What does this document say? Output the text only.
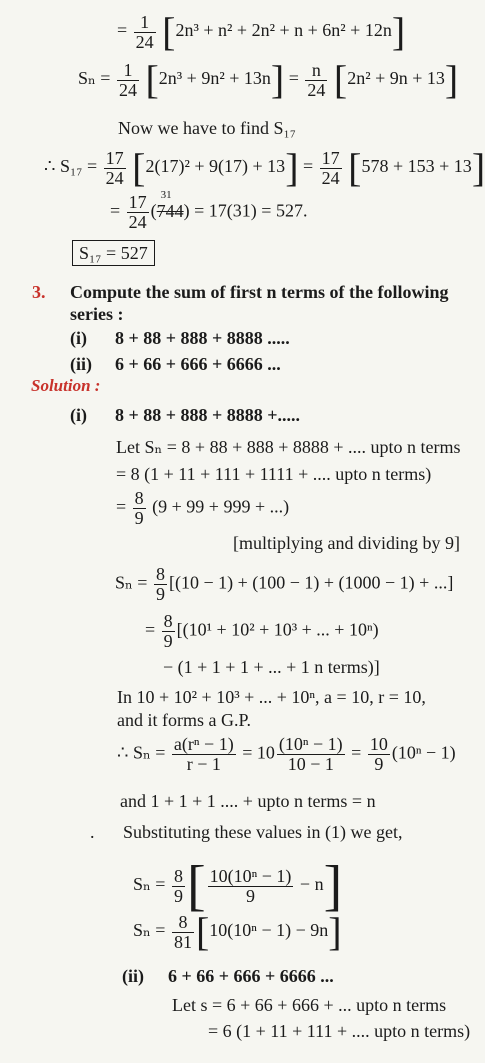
= $\frac{1}{24} [2n^3 + n^2 + 2n^2 + n + 6n^2 + 12n]$
$S_n = \frac{1}{24} [2n^3 + 9n^2 + 13n] = \frac{n}{24} [2n^2 + 9n + 13]$
Now we have to find S₁₇
∴ $S_{17} = \frac{17}{24} [2(17)^2 + 9(17) + 13] = \frac{17}{24} [578 + 153 + 13]$
= $\frac{17}{24}$ (
31
744) = 17(31) = 527.
S₁₇ = 527
3. Compute the sum of first n terms of the following
series :
(i) 8 + 88 + 888 + 8888 .....
(ii) 6 + 66 + 666 + 6666 ...
Solution :
(i) 8 + 88 + 888 + 8888 +.....
Let Sₙ = 8 + 88 + 888 + 8888 + .... upto n terms
= 8 (1 + 11 + 111 + 1111 + .... upto n terms)
= $\frac{8}{9} (9 + 99 + 999$ + ...)
[multiplying and dividing by 9]
$S_n = \frac{8}{9} [(10 - 1) + (100 - 1) + (1000 - 1)$ + ...]
= $\frac{8}{9} [(10^1 + 10^2 + 10^3$ + ... + 10ⁿ)
− (1 + 1 + 1 + ... + 1 n terms)]
In 10 + 10² + 10³ + ... + 10ⁿ, a = 10, r = 10,
and it forms a G.P.
∴ $S_n = \frac{\text{a(rⁿ − 1)}}{r - 1} = 10 \frac{\text{(10ⁿ − 1)}}{10 - 1} = \frac{10}{9} (10^n - 1)$
and 1 + 1 + 1 .... + upto n terms = n
. Substituting these values in (1) we get,
$S_n = \frac{8}{9}$ [ $\frac{\text{10(10ⁿ − 1)}}{9} - n$]
$S_n = \frac{8}{81} [10(10^n - 1) - 9n]$
(ii) 6 + 66 + 666 + 6666 ...
Let s = 6 + 66 + 666 + ... upto n terms
= 6 (1 + 11 + 111 + .... upto n terms)
